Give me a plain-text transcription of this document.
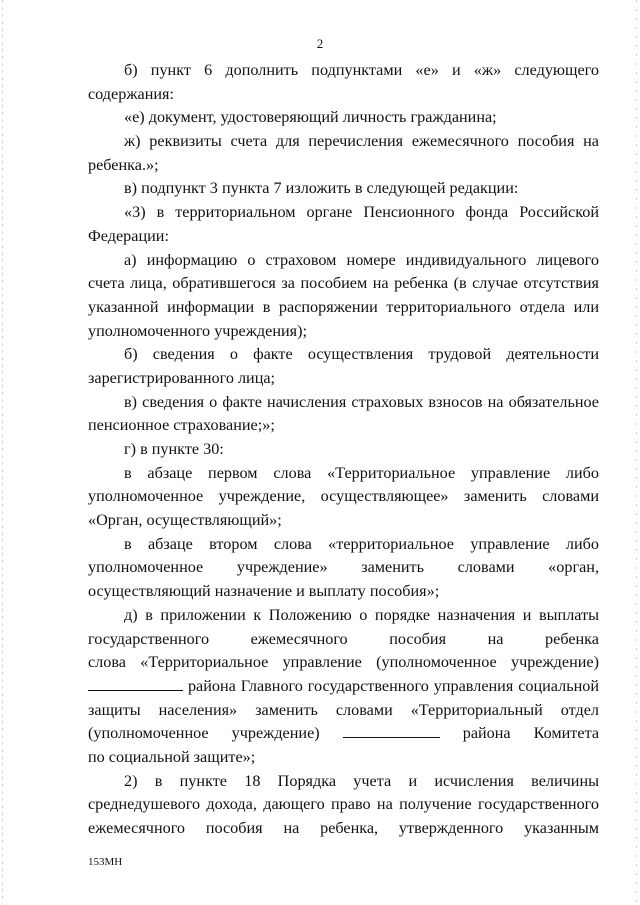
2
б) пункт 6 дополнить подпунктами «е» и «ж» следующего
содержания:
«е) документ, удостоверяющий личность гражданина;
ж) реквизиты счета для перечисления ежемесячного пособия на
ребенка.»;
в) подпункт 3 пункта 7 изложить в следующей редакции:
«3) в территориальном органе Пенсионного фонда Российской
Федерации:
а) информацию о страховом номере индивидуального лицевого
счета лица, обратившегося за пособием на ребенка (в случае отсутствия
указанной информации в распоряжении территориального отдела или
уполномоченного учреждения);
б) сведения о факте осуществления трудовой деятельности
зарегистрированного лица;
в) сведения о факте начисления страховых взносов на обязательное
пенсионное страхование;»;
г) в пункте 30:
в абзаце первом слова «Территориальное управление либо
уполномоченное учреждение, осуществляющее» заменить словами
«Орган, осуществляющий»;
в абзаце втором слова «территориальное управление либо
уполномоченное учреждение» заменить словами «орган,
осуществляющий назначение и выплату пособия»;
д) в приложении к Положению о порядке назначения и выплаты
государственного ежемесячного пособия на ребенка
слова «Территориальное управление (уполномоченное учреждение)
района Главного государственного управления социальной
защиты населения» заменить словами «Территориальный отдел
(уполномоченное учреждение)	района Комитета
по социальной защите»;
2) в пункте 18 Порядка учета и исчисления величины
среднедушевого дохода, дающего право на получение государственного
ежемесячного пособия на ребенка, утвержденного указанным
153МН
